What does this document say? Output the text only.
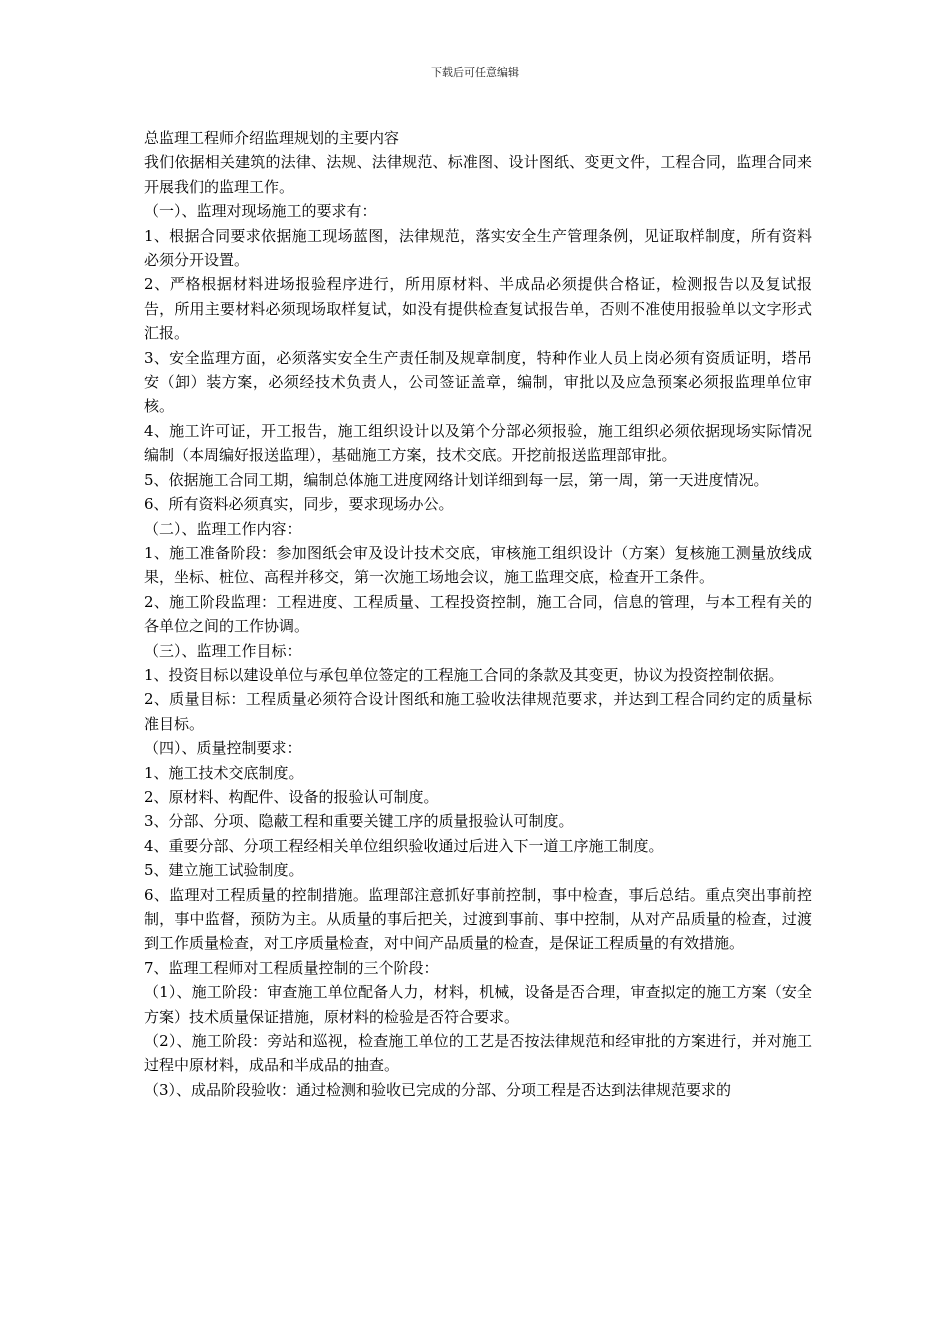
下载后可任意编辑

总监理工程师介绍监理规划的主要内容

我们依据相关建筑的法律、法规、法律规范、标准图、设计图纸、变更文件，工程合同，监理合同来开展我们的监理工作。

（一）、监理对现场施工的要求有：

1、根据合同要求依据施工现场蓝图，法律规范，落实安全生产管理条例，见证取样制度，所有资料必须分开设置。

2、严格根据材料进场报验程序进行，所用原材料、半成品必须提供合格证，检测报告以及复试报告，所用主要材料必须现场取样复试，如没有提供检查复试报告单，否则不准使用报验单以文字形式汇报。

3、安全监理方面，必须落实安全生产责任制及规章制度，特种作业人员上岗必须有资质证明，塔吊安（卸）装方案，必须经技术负责人，公司签证盖章，编制，审批以及应急预案必须报监理单位审核。

4、施工许可证，开工报告，施工组织设计以及第个分部必须报验，施工组织必须依据现场实际情况编制（本周编好报送监理），基础施工方案，技术交底。开挖前报送监理部审批。

5、依据施工合同工期，编制总体施工进度网络计划详细到每一层，第一周，第一天进度情况。

6、所有资料必须真实，同步，要求现场办公。

（二）、监理工作内容：

1、施工准备阶段：参加图纸会审及设计技术交底，审核施工组织设计（方案）复核施工测量放线成果，坐标、桩位、高程并移交，第一次施工场地会议，施工监理交底，检查开工条件。

2、施工阶段监理：工程进度、工程质量、工程投资控制，施工合同，信息的管理，与本工程有关的各单位之间的工作协调。

（三）、监理工作目标：

1、投资目标以建设单位与承包单位签定的工程施工合同的条款及其变更，协议为投资控制依据。

2、质量目标：工程质量必须符合设计图纸和施工验收法律规范要求，并达到工程合同约定的质量标准目标。

（四）、质量控制要求：

1、施工技术交底制度。

2、原材料、构配件、设备的报验认可制度。

3、分部、分项、隐蔽工程和重要关键工序的质量报验认可制度。

4、重要分部、分项工程经相关单位组织验收通过后进入下一道工序施工制度。

5、建立施工试验制度。

6、监理对工程质量的控制措施。监理部注意抓好事前控制，事中检查，事后总结。重点突出事前控制，事中监督，预防为主。从质量的事后把关，过渡到事前、事中控制，从对产品质量的检查，过渡到工作质量检查，对工序质量检查，对中间产品质量的检查，是保证工程质量的有效措施。

7、监理工程师对工程质量控制的三个阶段：

（1）、施工阶段：审查施工单位配备人力，材料，机械，设备是否合理，审查拟定的施工方案（安全方案）技术质量保证措施，原材料的检验是否符合要求。

（2）、施工阶段：旁站和巡视，检查施工单位的工艺是否按法律规范和经审批的方案进行，并对施工过程中原材料，成品和半成品的抽查。

（3）、成品阶段验收：通过检测和验收已完成的分部、分项工程是否达到法律规范要求的
